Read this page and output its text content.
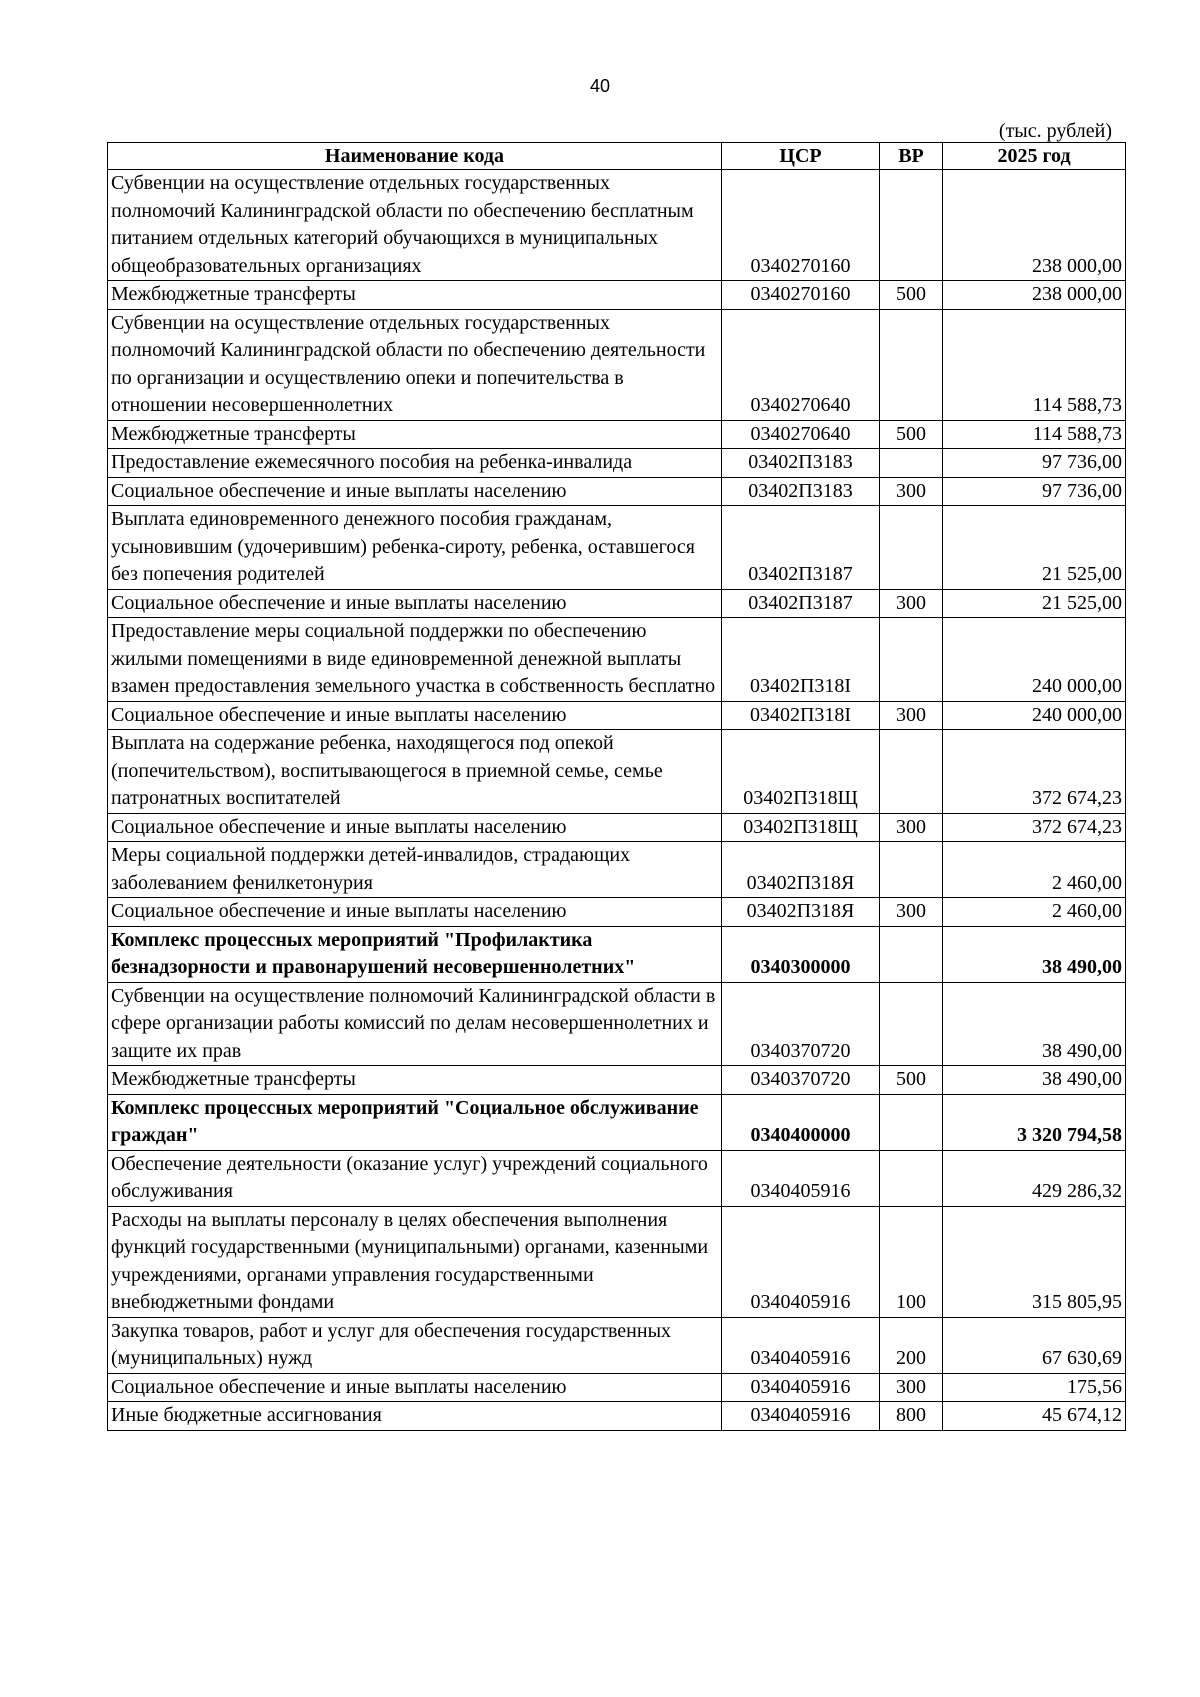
40
(тыс. рублей)
Наименование кода	ЦСР	ВР	2025 год
Субвенции на осуществление отдельных государственных полномочий Калининградской области по обеспечению бесплатным питанием отдельных категорий обучающихся в муниципальных общеобразовательных организациях	0340270160		238 000,00
Межбюджетные трансферты	0340270160	500	238 000,00
Субвенции на осуществление отдельных государственных полномочий Калининградской области по обеспечению деятельности по организации и осуществлению опеки и попечительства в отношении несовершеннолетних	0340270640		114 588,73
Межбюджетные трансферты	0340270640	500	114 588,73
Предоставление ежемесячного пособия на ребенка-инвалида	03402П3183		97 736,00
Социальное обеспечение и иные выплаты населению	03402П3183	300	97 736,00
Выплата единовременного денежного пособия гражданам, усыновившим (удочерившим) ребенка-сироту, ребенка, оставшегося без попечения родителей	03402П3187		21 525,00
Социальное обеспечение и иные выплаты населению	03402П3187	300	21 525,00
Предоставление меры социальной поддержки по обеспечению жилыми помещениями в виде единовременной денежной выплаты взамен предоставления земельного участка в собственность бесплатно	03402П318І		240 000,00
Социальное обеспечение и иные выплаты населению	03402П318І	300	240 000,00
Выплата на содержание ребенка, находящегося под опекой (попечительством), воспитывающегося в приемной семье, семье патронатных воспитателей	03402П318Щ		372 674,23
Социальное обеспечение и иные выплаты населению	03402П318Щ	300	372 674,23
Меры социальной поддержки детей-инвалидов, страдающих заболеванием фенилкетонурия	03402П318Я		2 460,00
Социальное обеспечение и иные выплаты населению	03402П318Я	300	2 460,00
Комплекс процессных мероприятий "Профилактика безнадзорности и правонарушений несовершеннолетних"	0340300000		38 490,00
Субвенции на осуществление полномочий Калининградской области в сфере организации работы комиссий по делам несовершеннолетних и защите их прав	0340370720		38 490,00
Межбюджетные трансферты	0340370720	500	38 490,00
Комплекс процессных мероприятий "Социальное обслуживание граждан"	0340400000		3 320 794,58
Обеспечение деятельности (оказание услуг) учреждений социального обслуживания	0340405916		429 286,32
Расходы на выплаты персоналу в целях обеспечения выполнения функций государственными (муниципальными) органами, казенными учреждениями, органами управления государственными внебюджетными фондами	0340405916	100	315 805,95
Закупка товаров, работ и услуг для обеспечения государственных (муниципальных) нужд	0340405916	200	67 630,69
Социальное обеспечение и иные выплаты населению	0340405916	300	175,56
Иные бюджетные ассигнования	0340405916	800	45 674,12
